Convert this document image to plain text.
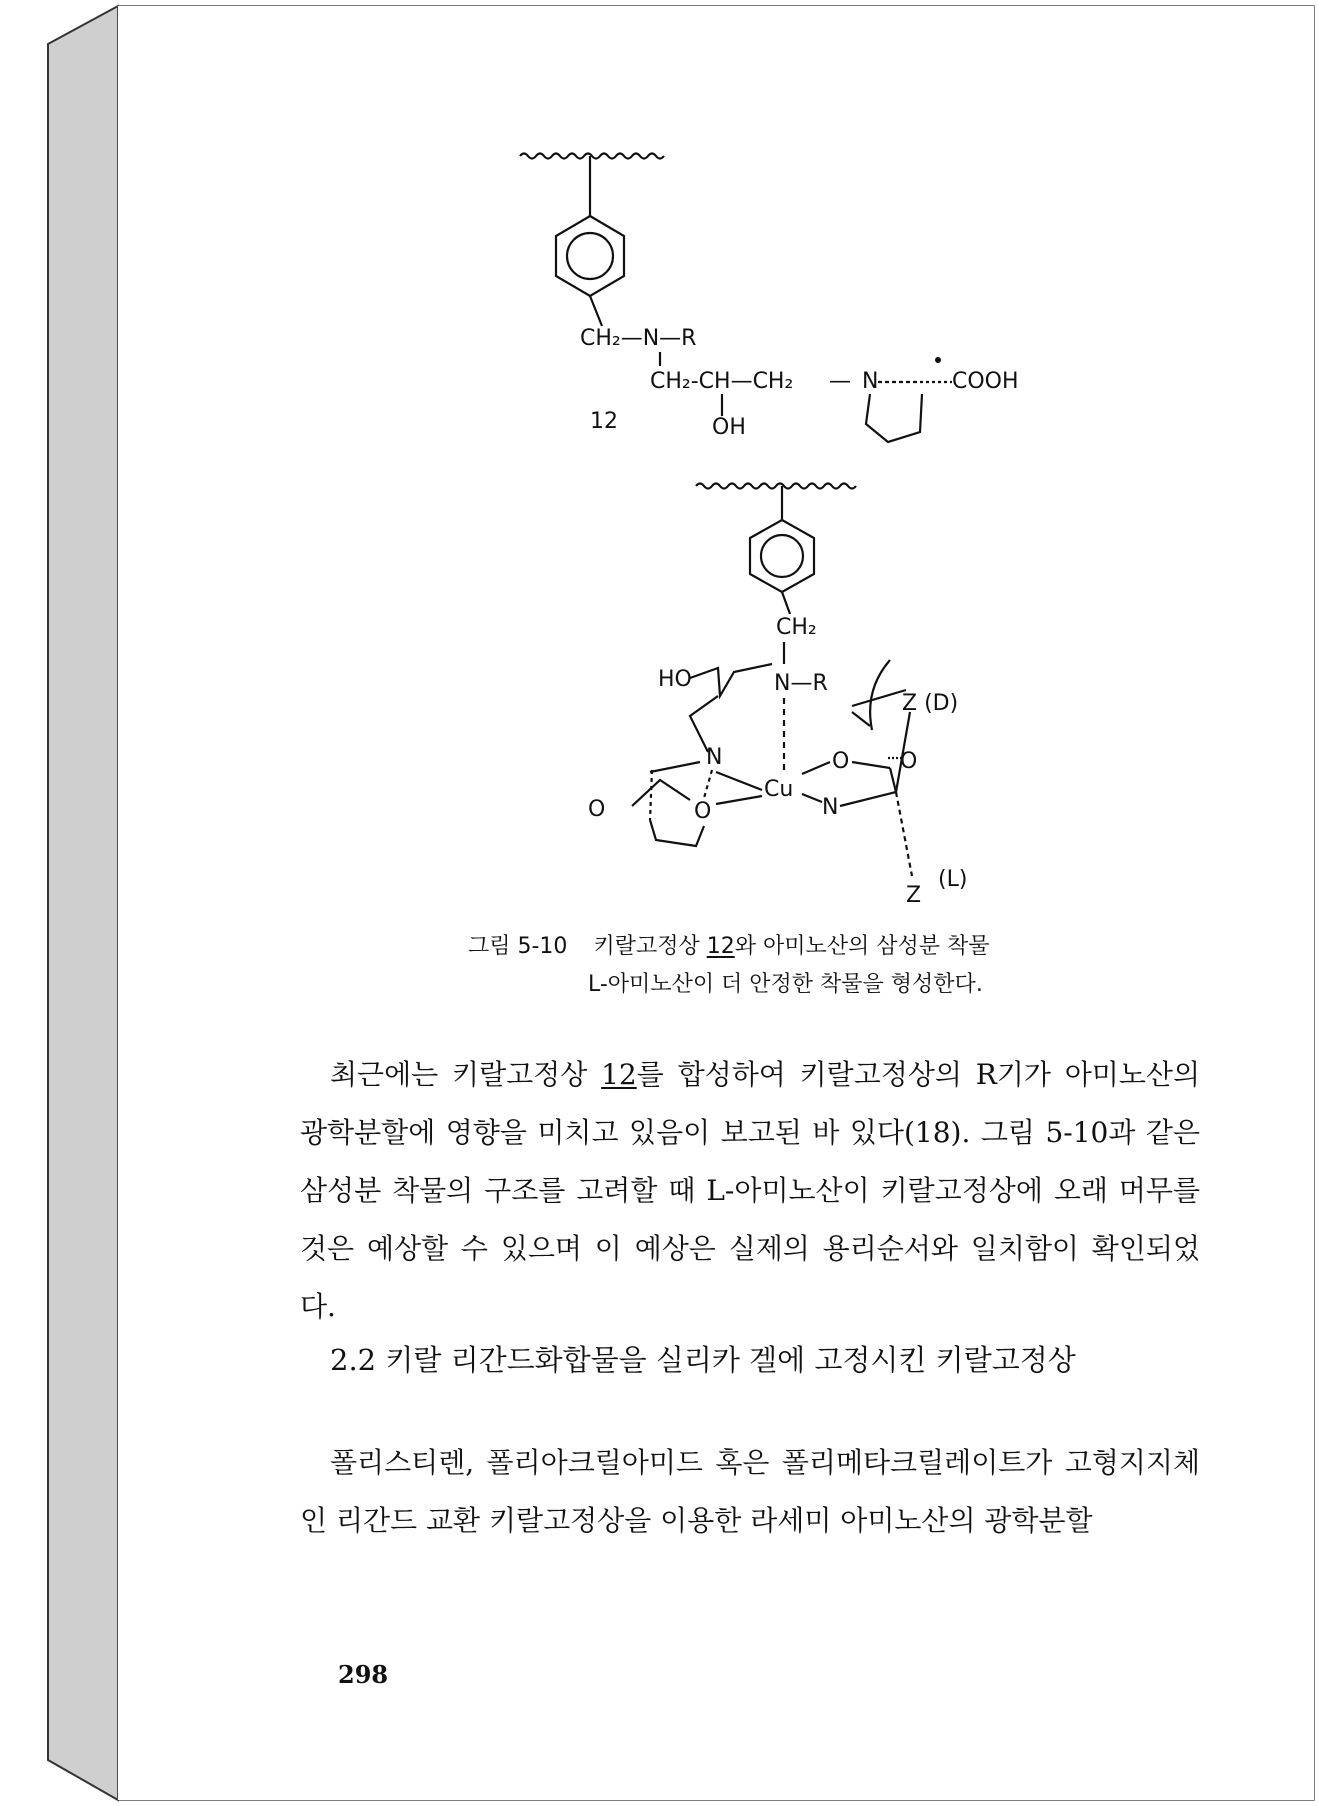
CH₂—N—R
CH₂-CH—CH₂ —
OH
N	COOH
12
CH₂
HO	N—R
N
Cu
O O
N
O
O
Z (D)
Z
(L)
그림 5-10 키랄고정상 12와 아미노산의 삼성분 착물
L-아미노산이 더 안정한 착물을 형성한다.
최근에는 키랄고정상 12를 합성하여 키랄고정상의 R기가 아미노산의 광학분할에 영향을 미치고 있음이 보고된 바 있다(18). 그림 5-10과 같은 삼성분 착물의 구조를 고려할 때 L-아미노산이 키랄고정상에 오래 머무를 것은 예상할 수 있으며 이 예상은 실제의 용리순서와 일치함이 확인되었다.
2.2 키랄 리간드화합물을 실리카 겔에 고정시킨 키랄고정상
폴리스티렌, 폴리아크릴아미드 혹은 폴리메타크릴레이트가 고형지지체인 리간드 교환 키랄고정상을 이용한 라세미 아미노산의 광학분할
298
